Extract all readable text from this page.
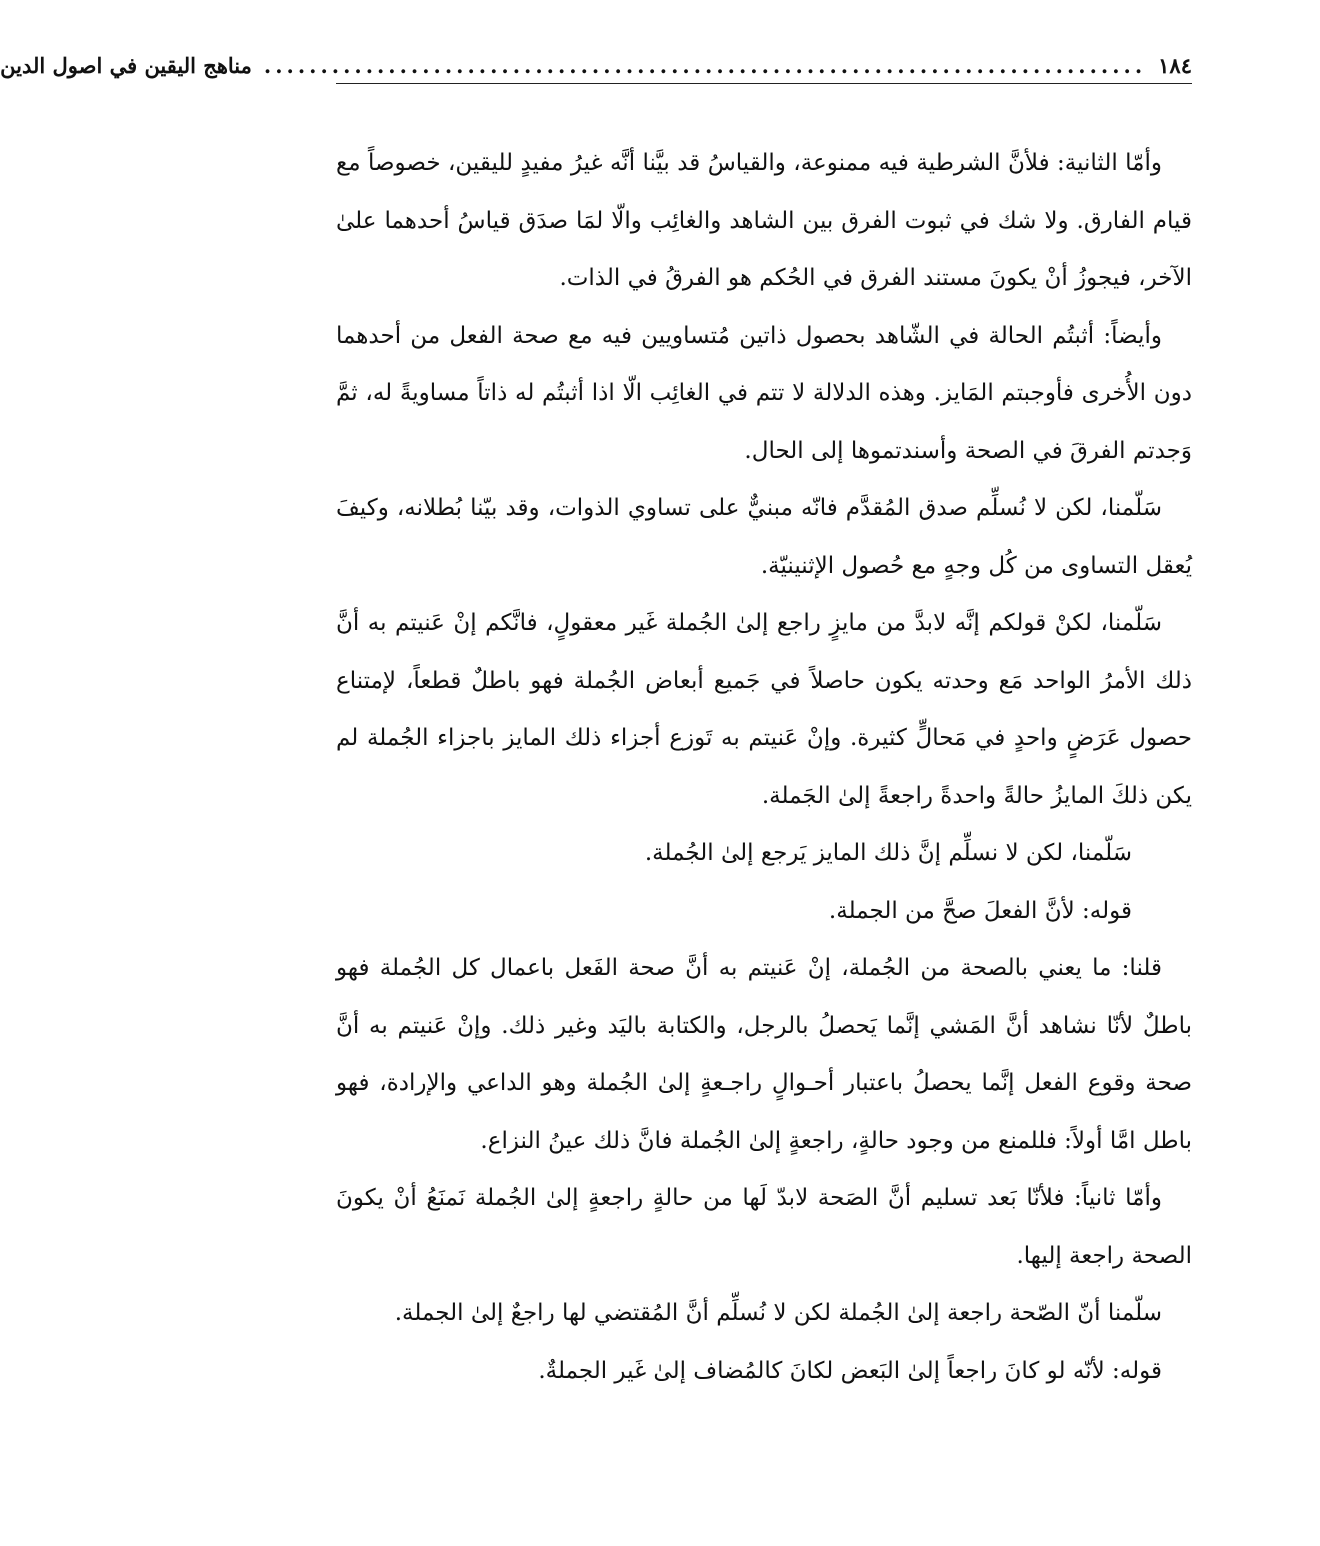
١٨٤
..............................................................................
مناهج اليقين في اصول الدين

وأمّا الثانية: فلأنَّ الشرطية فيه ممنوعة، والقياسُ قد بيَّنا أنَّه غيرُ مفيدٍ لليقين، خصوصاً مع قيام الفارق. ولا شك في ثبوت الفرق بين الشاهد والغائِب والّا لمَا صدَق قياسُ أحدهما علىٰ الآخر، فيجوزُ أنْ يكونَ مستند الفرق في الحُكم هو الفرقُ في الذات.

وأيضاً: أثبتُم الحالة في الشّاهد بحصول ذاتين مُتساويين فيه مع صحة الفعل من أحدهما دون الأُخرى فأوجبتم المَايز. وهذه الدلالة لا تتم في الغائِب الّا اذا أثبتُم له ذاتاً مساويةً له، ثمَّ وَجدتم الفرقَ في الصحة وأسندتموها إلى الحال.

سَلّمنا، لكن لا نُسلِّم صدق المُقدَّم فانّه مبنيٌّ على تساوي الذوات، وقد بيّنا بُطلانه، وكيفَ يُعقل التساوى من كُل وجهٍ مع حُصول الإثنينيّة.

سَلّمنا، لكنْ قولكم إنَّه لابدَّ من مايزٍ راجع إلىٰ الجُملة غَير معقولٍ، فانَّكم إنْ عَنيتم به أنَّ ذلك الأمرُ الواحد مَع وحدته يكون حاصلاً في جَميع أبعاض الجُملة فهو باطلٌ قطعاً، لإمتناع حصول عَرَضٍ واحدٍ في مَحالٍّ كثيرة. وإنْ عَنيتم به تَوزع أجزاء ذلك المايز باجزاء الجُملة لم يكن ذلكَ المايزُ حالةً واحدةً راجعةً إلىٰ الجَملة.

سَلّمنا، لكن لا نسلِّم إنَّ ذلك المايز يَرجع إلىٰ الجُملة.

قوله: لأنَّ الفعلَ صحَّ من الجملة.

قلنا: ما يعني بالصحة من الجُملة، إنْ عَنيتم به أنَّ صحة الفَعل باعمال كل الجُملة فهو باطلٌ لأنّا نشاهد أنَّ المَشي إنَّما يَحصلُ بالرجل، والكتابة باليَد وغير ذلك. وإنْ عَنيتم به أنَّ صحة وقوع الفعل إنَّما يحصلُ باعتبار أحـوالٍ راجـعةٍ إلىٰ الجُملة وهو الداعي والإرادة، فهو باطل امَّا أولاً: فللمنع من وجود حالةٍ، راجعةٍ إلىٰ الجُملة فانَّ ذلك عينُ النزاع.

وأمّا ثانياً: فلأنّا بَعد تسليم أنَّ الصَحة لابدّ لَها من حالةٍ راجعةٍ إلىٰ الجُملة نَمنَعُ أنْ يكونَ الصحة راجعة إليها.

سلّمنا أنّ الصّحة راجعة إلىٰ الجُملة لكن لا نُسلِّم أنَّ المُقتضي لها راجعٌ إلىٰ الجملة.

قوله: لأنّه لو كانَ راجعاً إلىٰ البَعض لكانَ كالمُضاف إلىٰ غَير الجملةٌ.
